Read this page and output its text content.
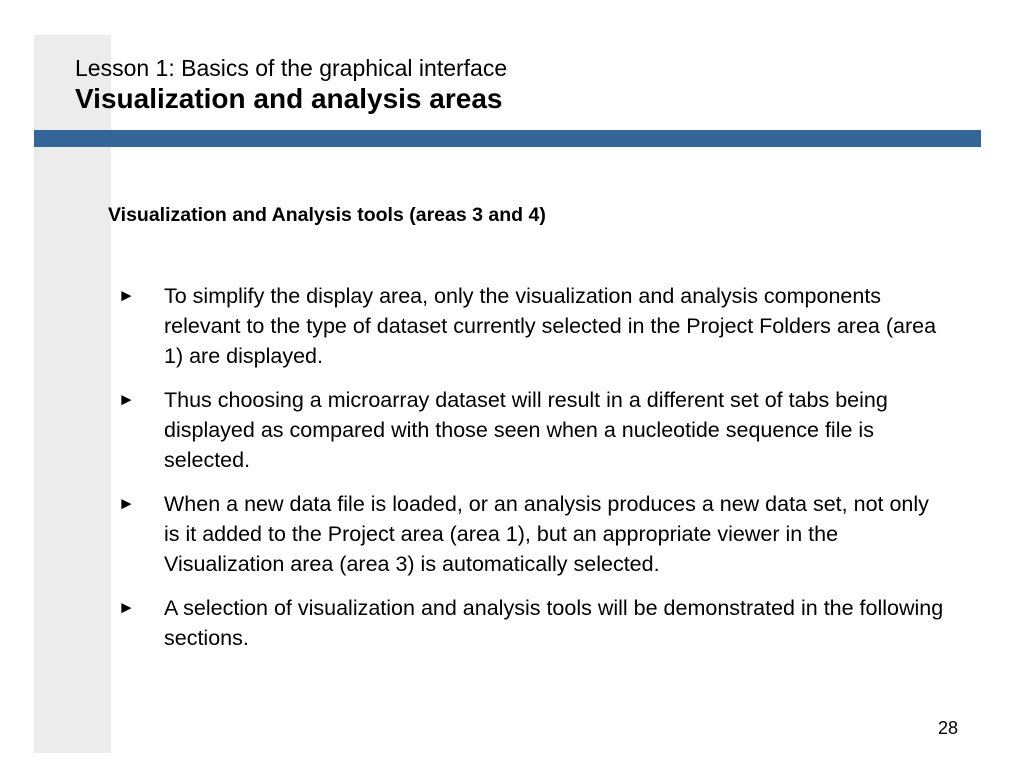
Lesson 1: Basics of the graphical interface
Visualization and analysis areas
Visualization and Analysis tools (areas 3 and 4)
►	To simplify the display area, only the visualization and analysis components relevant to the type of dataset currently selected in the Project Folders area (area 1) are displayed.
►	Thus choosing a microarray dataset will result in a different set of tabs being displayed as compared with those seen when a nucleotide sequence file is selected.
►	When a new data file is loaded, or an analysis produces a new data set, not only is it added to the Project area (area 1), but an appropriate viewer in the Visualization area (area 3) is automatically selected.
►	A selection of visualization and analysis tools will be demonstrated in the following sections.
28
